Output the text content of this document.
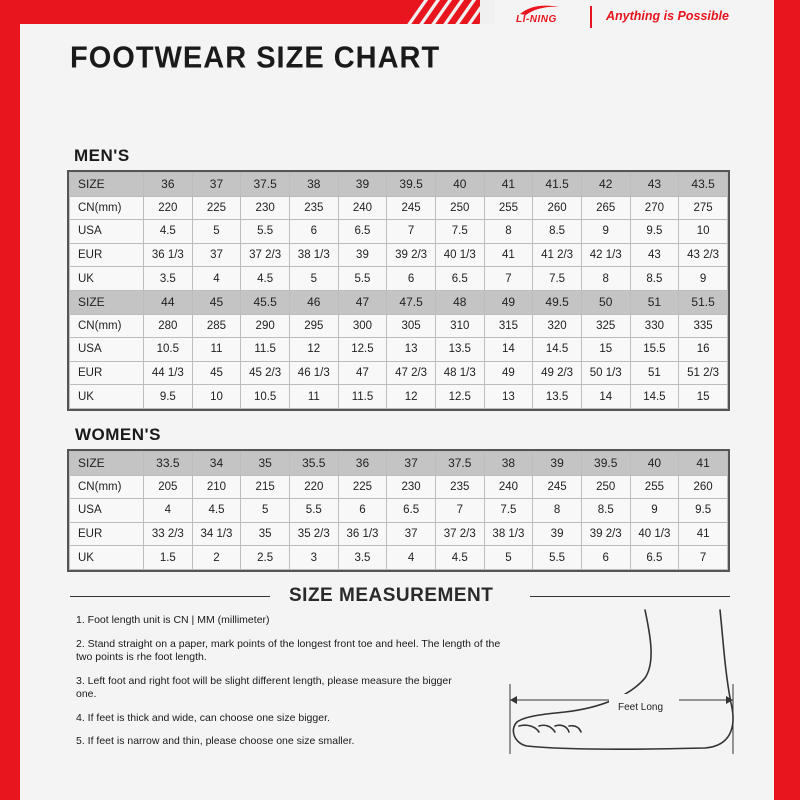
LI-NING	Anything is Possible
FOOTWEAR SIZE CHART
MEN'S
SIZE	36	37	37.5	38	39	39.5	40	41	41.5	42	43	43.5
CN(mm)	220	225	230	235	240	245	250	255	260	265	270	275
USA	4.5	5	5.5	6	6.5	7	7.5	8	8.5	9	9.5	10
EUR	36 1/3	37	37 2/3	38 1/3	39	39 2/3	40 1/3	41	41 2/3	42 1/3	43	43 2/3
UK	3.5	4	4.5	5	5.5	6	6.5	7	7.5	8	8.5	9
SIZE	44	45	45.5	46	47	47.5	48	49	49.5	50	51	51.5
CN(mm)	280	285	290	295	300	305	310	315	320	325	330	335
USA	10.5	11	11.5	12	12.5	13	13.5	14	14.5	15	15.5	16
EUR	44 1/3	45	45 2/3	46 1/3	47	47 2/3	48 1/3	49	49 2/3	50 1/3	51	51 2/3
UK	9.5	10	10.5	11	11.5	12	12.5	13	13.5	14	14.5	15
WOMEN'S
SIZE	33.5	34	35	35.5	36	37	37.5	38	39	39.5	40	41
CN(mm)	205	210	215	220	225	230	235	240	245	250	255	260
USA	4	4.5	5	5.5	6	6.5	7	7.5	8	8.5	9	9.5
EUR	33 2/3	34 1/3	35	35 2/3	36 1/3	37	37 2/3	38 1/3	39	39 2/3	40 1/3	41
UK	1.5	2	2.5	3	3.5	4	4.5	5	5.5	6	6.5	7
SIZE MEASUREMENT
1. Foot length unit is CN | MM (millimeter)
2. Stand straight on a paper, mark points of the longest front toe and heel. The length of the two points is rhe foot length.
3. Left foot and right foot will be slight different length, please measure the bigger one.
4. If feet is thick and wide, can choose one size bigger.
5. If feet is narrow and thin, please choose one size smaller.
Feet Long
